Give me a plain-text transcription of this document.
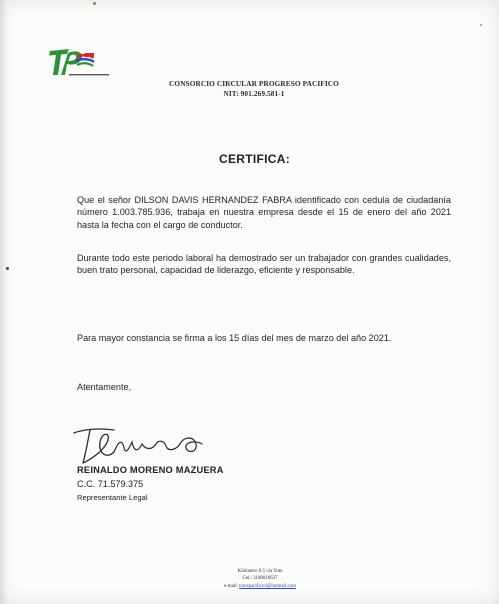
CONSORCIO CIRCULAR PROGRESO PACIFICO
NIT: 901.269.581-1
CERTIFICA:
Que el señor DILSON DAVIS HERNANDEZ FABRA identificado con cedula de ciudadanía número 1.003.785.936, trabaja en nuestra empresa desde el 15 de enero del año 2021 hasta la fecha con el cargo de conductor.
Durante todo este periodo laboral ha demostrado ser un trabajador con grandes cualidades, buen trato personal, capacidad de liderazgo, eficiente y responsable.
Para mayor constancia se firma a los 15 días del mes de marzo del año 2021.
Atentamente,
REINALDO MORENO MAZUERA
C.C. 71.579.375
Representante Legal
Kilómetro 6.5 vía Yuto
Cel.: 3188016637
e-mail: transpacifico4@hotmail.com
